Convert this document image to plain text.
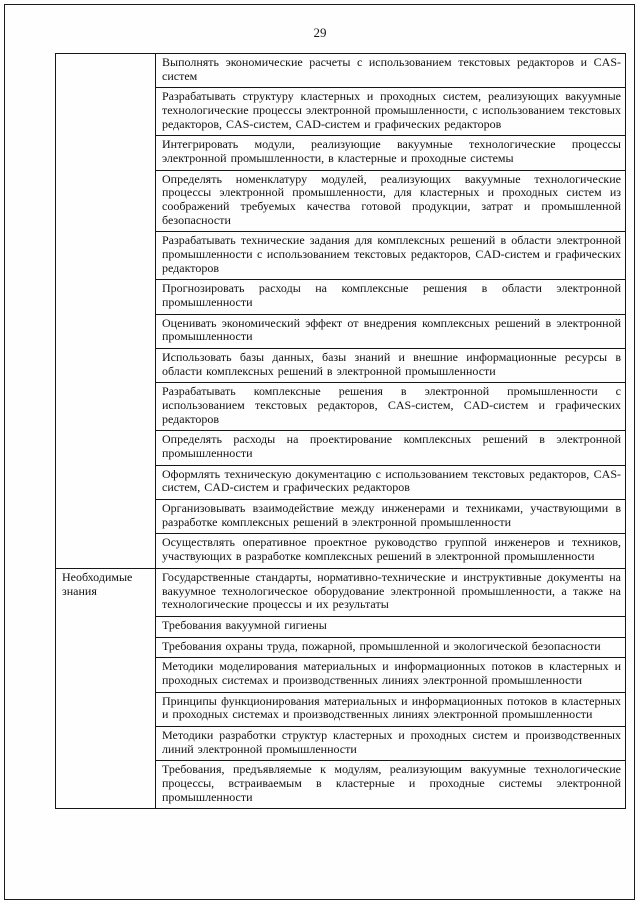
29
	Выполнять экономические расчеты с использованием текстовых редакторов и CAS-систем
	Разрабатывать структуру кластерных и проходных систем, реализующих вакуумные технологические процессы электронной промышленности, с использованием текстовых редакторов, CAS-систем, CAD-систем и графических редакторов
	Интегрировать модули, реализующие вакуумные технологические процессы электронной промышленности, в кластерные и проходные системы
	Определять номенклатуру модулей, реализующих вакуумные технологические процессы электронной промышленности, для кластерных и проходных систем из соображений требуемых качества готовой продукции, затрат и промышленной безопасности
	Разрабатывать технические задания для комплексных решений в области электронной промышленности с использованием текстовых редакторов, CAD-систем и графических редакторов
	Прогнозировать расходы на комплексные решения в области электронной промышленности
	Оценивать экономический эффект от внедрения комплексных решений в электронной промышленности
	Использовать базы данных, базы знаний и внешние информационные ресурсы в области комплексных решений в электронной промышленности
	Разрабатывать комплексные решения в электронной промышленности с использованием текстовых редакторов, CAS-систем, CAD-систем и графических редакторов
	Определять расходы на проектирование комплексных решений в электронной промышленности
	Оформлять техническую документацию с использованием текстовых редакторов, CAS-систем, CAD-систем и графических редакторов
	Организовывать взаимодействие между инженерами и техниками, участвующими в разработке комплексных решений в электронной промышленности
	Осуществлять оперативное проектное руководство группой инженеров и техников, участвующих в разработке комплексных решений в электронной промышленности
Необходимые знания	Государственные стандарты, нормативно-технические и инструктивные документы на вакуумное технологическое оборудование электронной промышленности, а также на технологические процессы и их результаты
	Требования вакуумной гигиены
	Требования охраны труда, пожарной, промышленной и экологической безопасности
	Методики моделирования материальных и информационных потоков в кластерных и проходных системах и производственных линиях электронной промышленности
	Принципы функционирования материальных и информационных потоков в кластерных и проходных системах и производственных линиях электронной промышленности
	Методики разработки структур кластерных и проходных систем и производственных линий электронной промышленности
	Требования, предъявляемые к модулям, реализующим вакуумные технологические процессы, встраиваемым в кластерные и проходные системы электронной промышленности
